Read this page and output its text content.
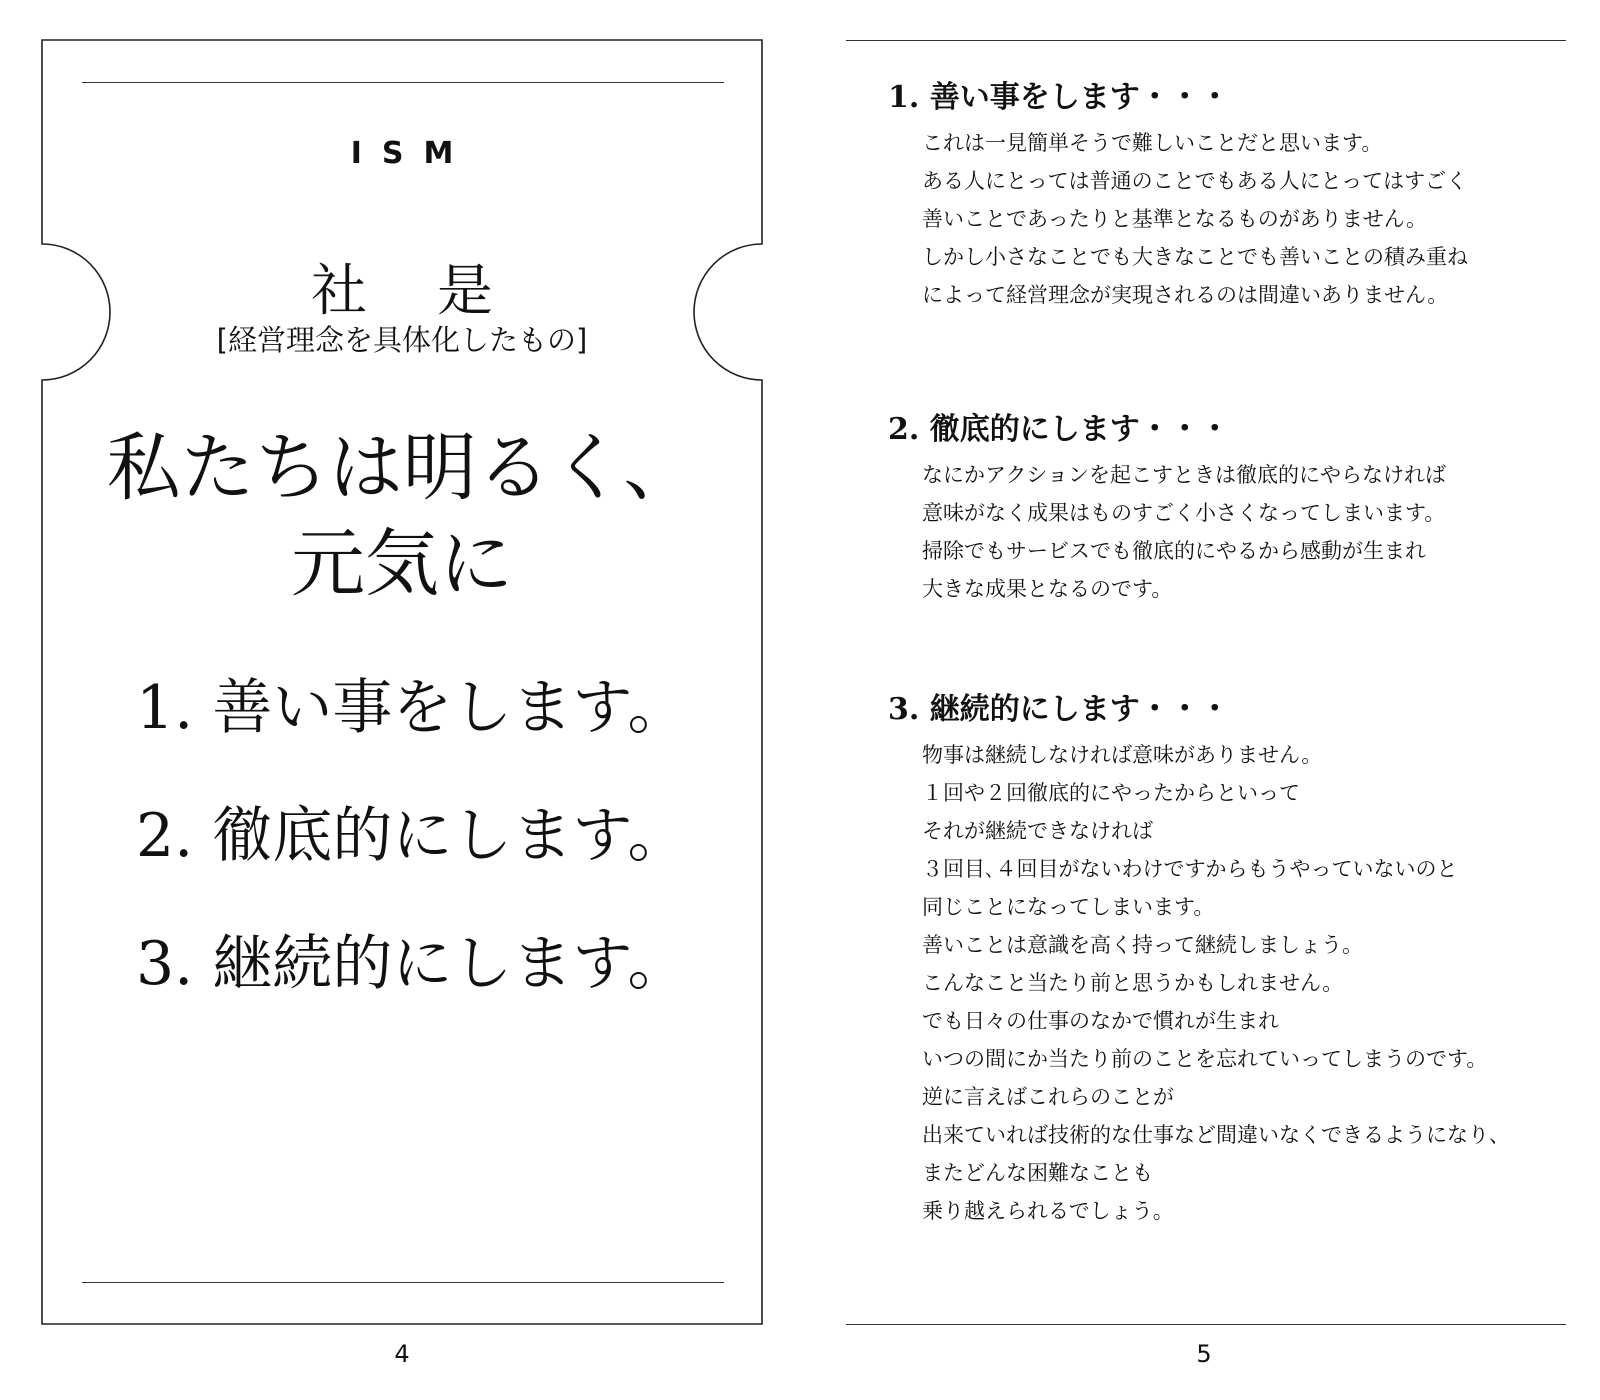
ISM
社 是
[経営理念を具体化したもの]
私たちは明るく、
元気に
1. 善い事をします。
2. 徹底的にします。
3. 継続的にします。
4
1. 善い事をします・・・
これは一見簡単そうで難しいことだと思います。
ある人にとっては普通のことでもある人にとってはすごく
善いことであったりと基準となるものがありません。
しかし小さなことでも大きなことでも善いことの積み重ね
によって経営理念が実現されるのは間違いありません。
2. 徹底的にします・・・
なにかアクションを起こすときは徹底的にやらなければ
意味がなく成果はものすごく小さくなってしまいます。
掃除でもサービスでも徹底的にやるから感動が生まれ
大きな成果となるのです。
3. 継続的にします・・・
物事は継続しなければ意味がありません。
１回や２回徹底的にやったからといって
それが継続できなければ
３回目､４回目がないわけですからもうやっていないのと
同じことになってしまいます。
善いことは意識を高く持って継続しましょう。
こんなこと当たり前と思うかもしれません。
でも日々の仕事のなかで慣れが生まれ
いつの間にか当たり前のことを忘れていってしまうのです。
逆に言えばこれらのことが
出来ていれば技術的な仕事など間違いなくできるようになり、
またどんな困難なことも
乗り越えられるでしょう。
5
